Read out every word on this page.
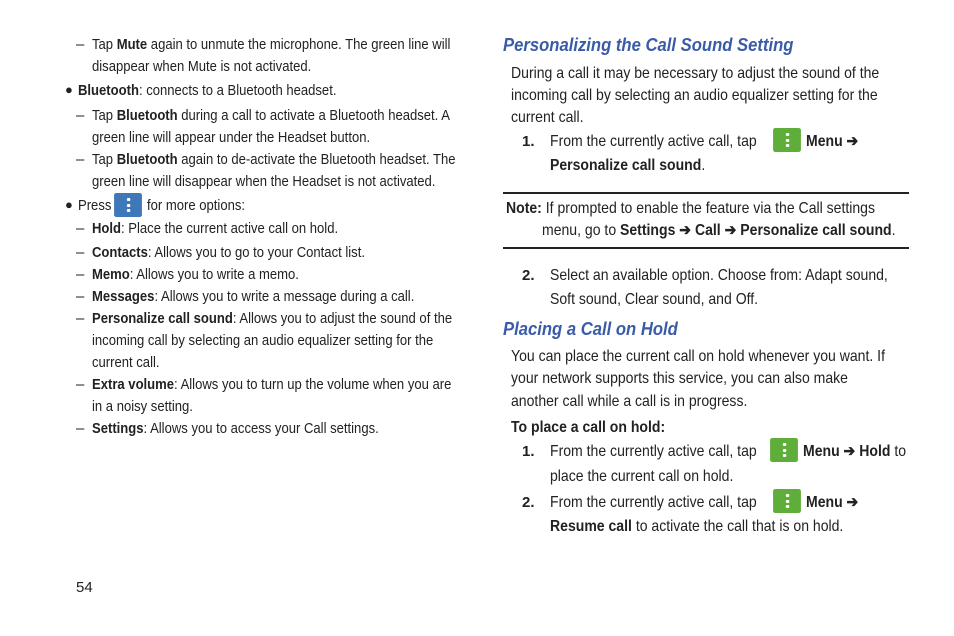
– Tap Mute again to unmute the microphone. The green line will
disappear when Mute is not activated.
● Bluetooth: connects to a Bluetooth headset.
– Tap Bluetooth during a call to activate a Bluetooth headset. A
green line will appear under the Headset button.
– Tap Bluetooth again to de-activate the Bluetooth headset. The
green line will disappear when the Headset is not activated.
● Press for more options:
– Hold: Place the current active call on hold.
– Contacts: Allows you to go to your Contact list.
– Memo: Allows you to write a memo.
– Messages: Allows you to write a message during a call.
– Personalize call sound: Allows you to adjust the sound of the
incoming call by selecting an audio equalizer setting for the
current call.
– Extra volume: Allows you to turn up the volume when you are
in a noisy setting.
– Settings: Allows you to access your Call settings.
Personalizing the Call Sound Setting
During a call it may be necessary to adjust the sound of the
incoming call by selecting an audio equalizer setting for the
current call.
1. From the currently active call, tap	Menu ➔
Personalize call sound.
Note: If prompted to enable the feature via the Call settings
menu, go to Settings ➔ Call ➔ Personalize call sound.
2. Select an available option. Choose from: Adapt sound,
Soft sound, Clear sound, and Off.
Placing a Call on Hold
You can place the current call on hold whenever you want. If
your network supports this service, you can also make
another call while a call is in progress.
To place a call on hold:
1. From the currently active call, tap	Menu ➔ Hold to
place the current call on hold.
2. From the currently active call, tap	Menu ➔
Resume call to activate the call that is on hold.
54
